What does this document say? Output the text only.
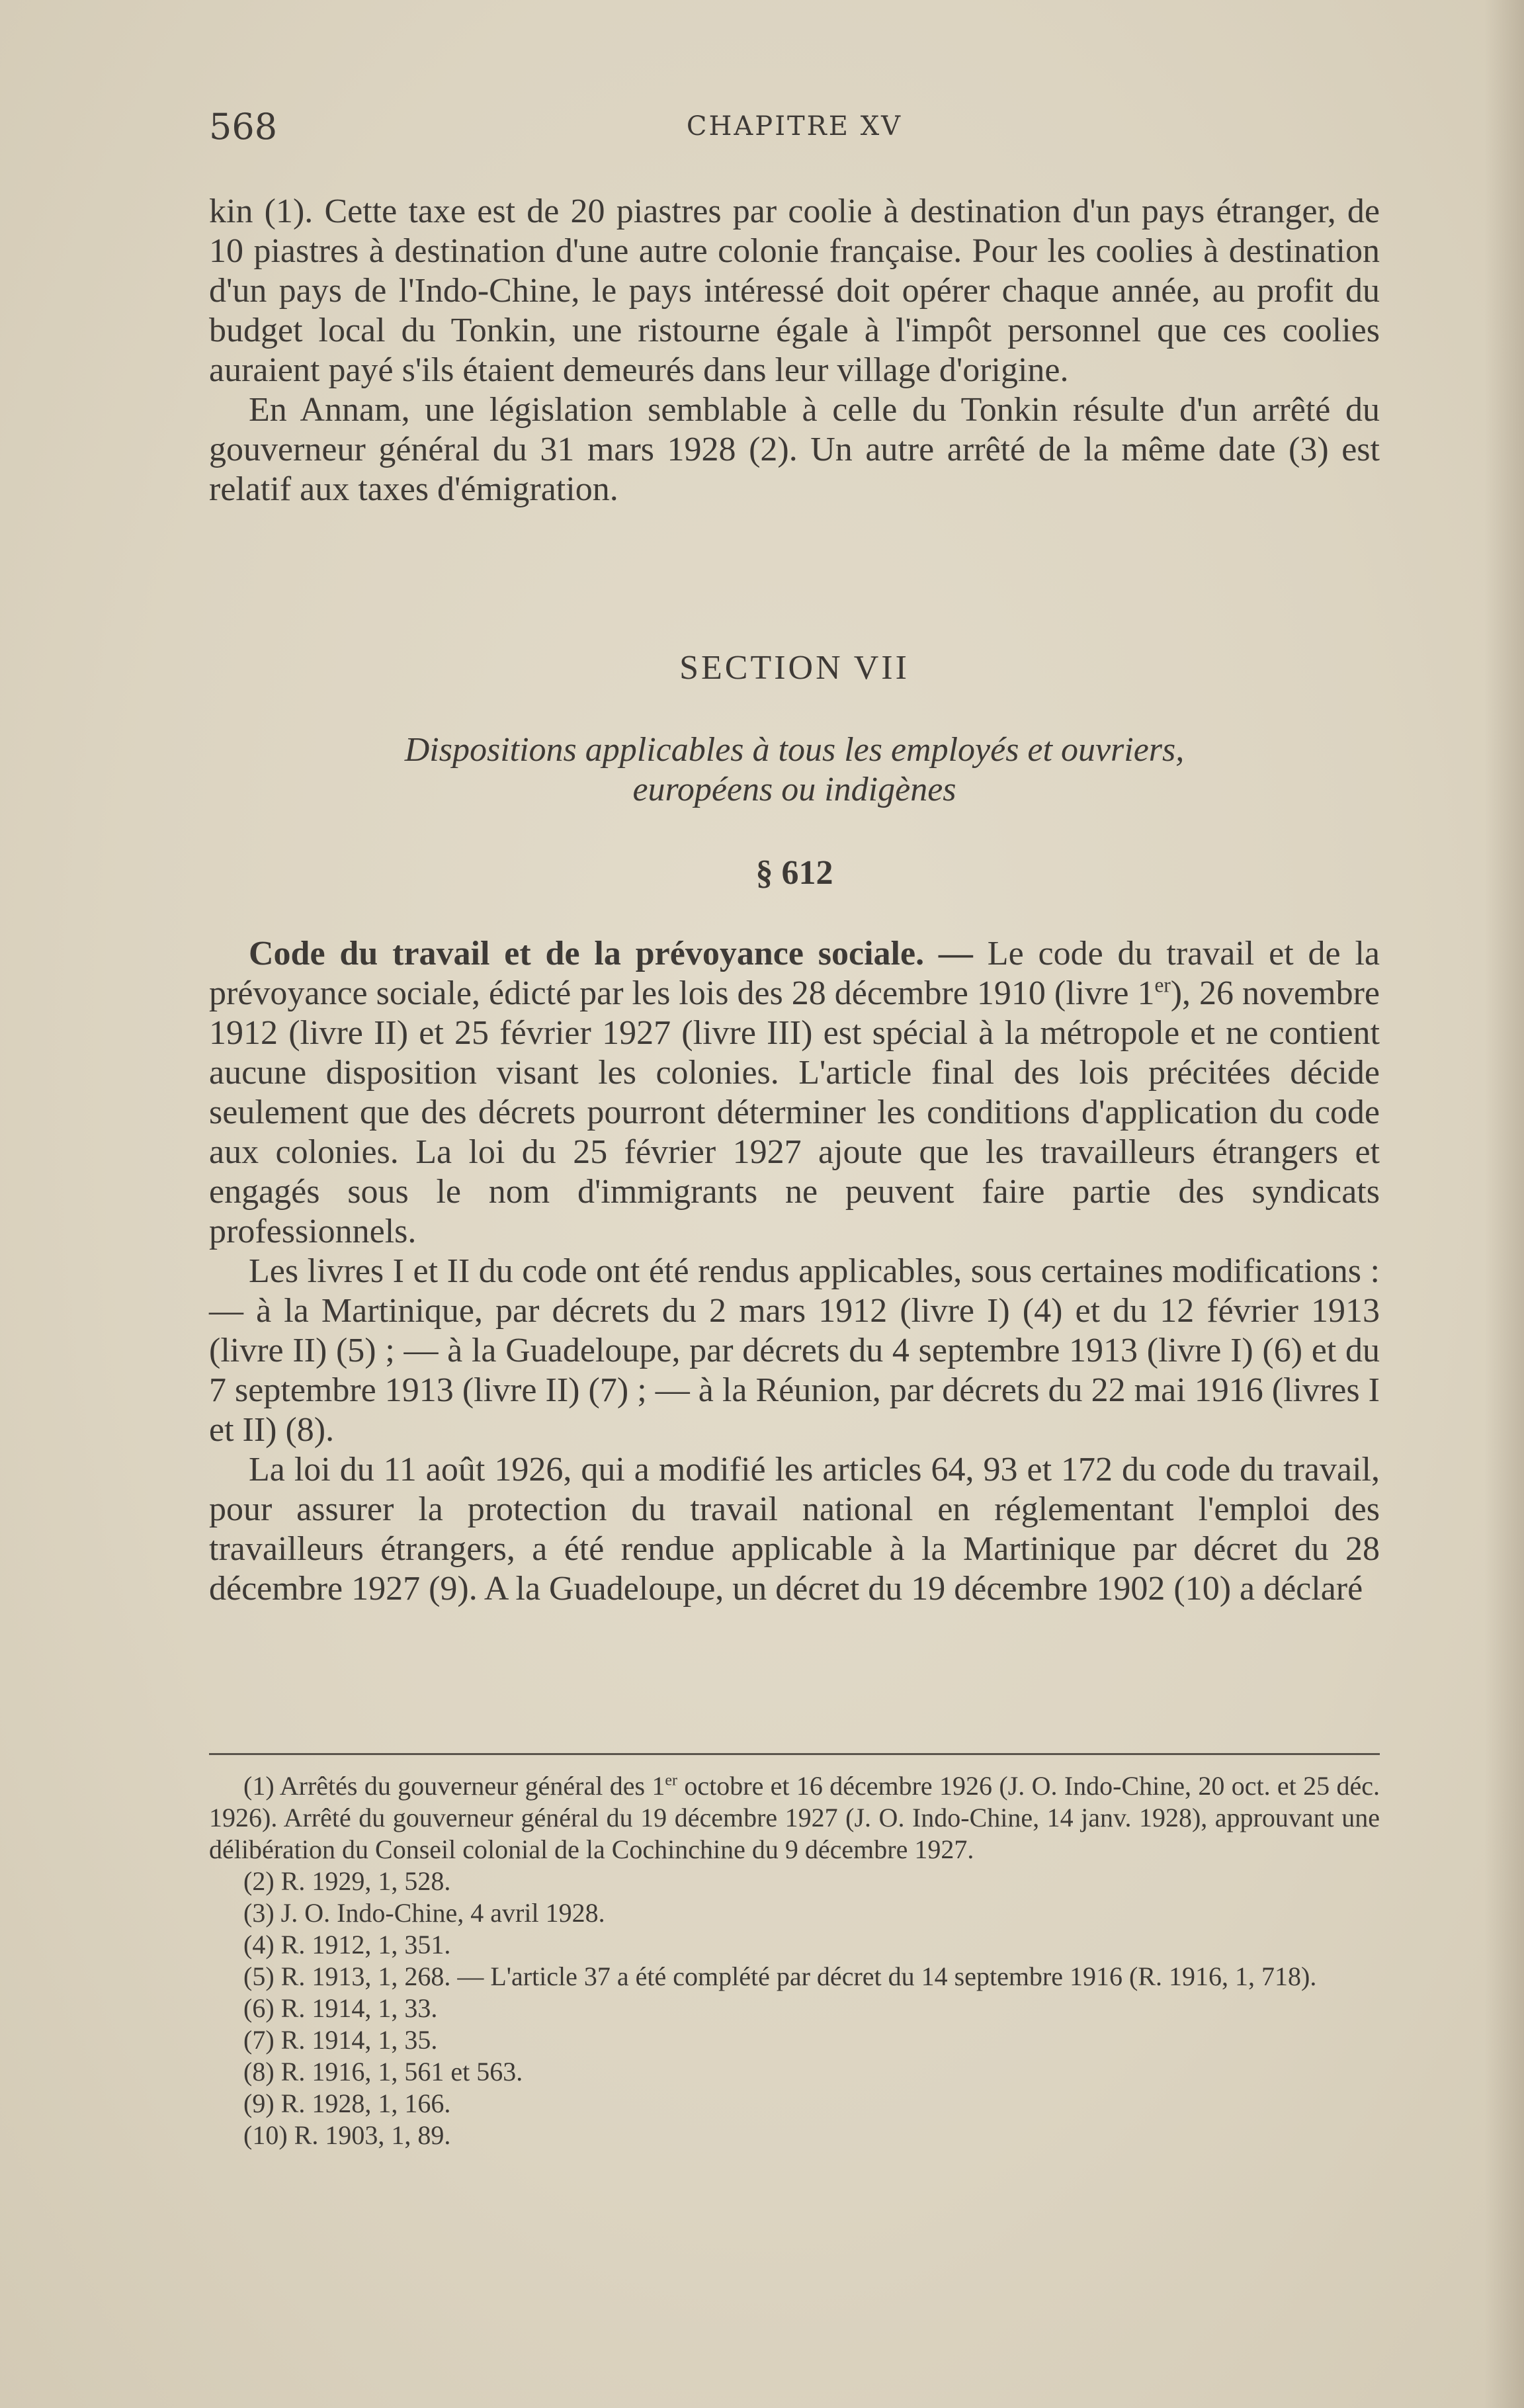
568	CHAPITRE XV

kin (1). Cette taxe est de 20 piastres par coolie à destination d'un pays étranger, de 10 piastres à destination d'une autre colonie française. Pour les coolies à destination d'un pays de l'Indo-Chine, le pays intéressé doit opérer chaque année, au profit du budget local du Tonkin, une ristourne égale à l'impôt personnel que ces coolies auraient payé s'ils étaient demeurés dans leur village d'origine.

En Annam, une législation semblable à celle du Tonkin résulte d'un arrêté du gouverneur général du 31 mars 1928 (2). Un autre arrêté de la même date (3) est relatif aux taxes d'émigration.

SECTION VII
Dispositions applicables à tous les employés et ouvriers,
européens ou indigènes
§ 612

Code du travail et de la prévoyance sociale. — Le code du travail et de la prévoyance sociale, édicté par les lois des 28 décembre 1910 (livre 1er), 26 novembre 1912 (livre II) et 25 février 1927 (livre III) est spécial à la métropole et ne contient aucune disposition visant les colonies. L'article final des lois précitées décide seulement que des décrets pourront déterminer les conditions d'application du code aux colonies. La loi du 25 février 1927 ajoute que les travailleurs étrangers et engagés sous le nom d'immigrants ne peuvent faire partie des syndicats professionnels.

Les livres I et II du code ont été rendus applicables, sous certaines modifications : — à la Martinique, par décrets du 2 mars 1912 (livre I) (4) et du 12 février 1913 (livre II) (5) ; — à la Guadeloupe, par décrets du 4 septembre 1913 (livre I) (6) et du 7 septembre 1913 (livre II) (7) ; — à la Réunion, par décrets du 22 mai 1916 (livres I et II) (8).

La loi du 11 août 1926, qui a modifié les articles 64, 93 et 172 du code du travail, pour assurer la protection du travail national en réglementant l'emploi des travailleurs étrangers, a été rendue applicable à la Martinique par décret du 28 décembre 1927 (9). A la Guadeloupe, un décret du 19 décembre 1902 (10) a déclaré

(1) Arrêtés du gouverneur général des 1er octobre et 16 décembre 1926 (J. O. Indo-Chine, 20 oct. et 25 déc. 1926). Arrêté du gouverneur général du 19 décembre 1927 (J. O. Indo-Chine, 14 janv. 1928), approuvant une délibération du Conseil colonial de la Cochinchine du 9 décembre 1927.

(2) R. 1929, 1, 528.

(3) J. O. Indo-Chine, 4 avril 1928.

(4) R. 1912, 1, 351.

(5) R. 1913, 1, 268. — L'article 37 a été complété par décret du 14 septembre 1916 (R. 1916, 1, 718).

(6) R. 1914, 1, 33.

(7) R. 1914, 1, 35.

(8) R. 1916, 1, 561 et 563.

(9) R. 1928, 1, 166.

(10) R. 1903, 1, 89.
